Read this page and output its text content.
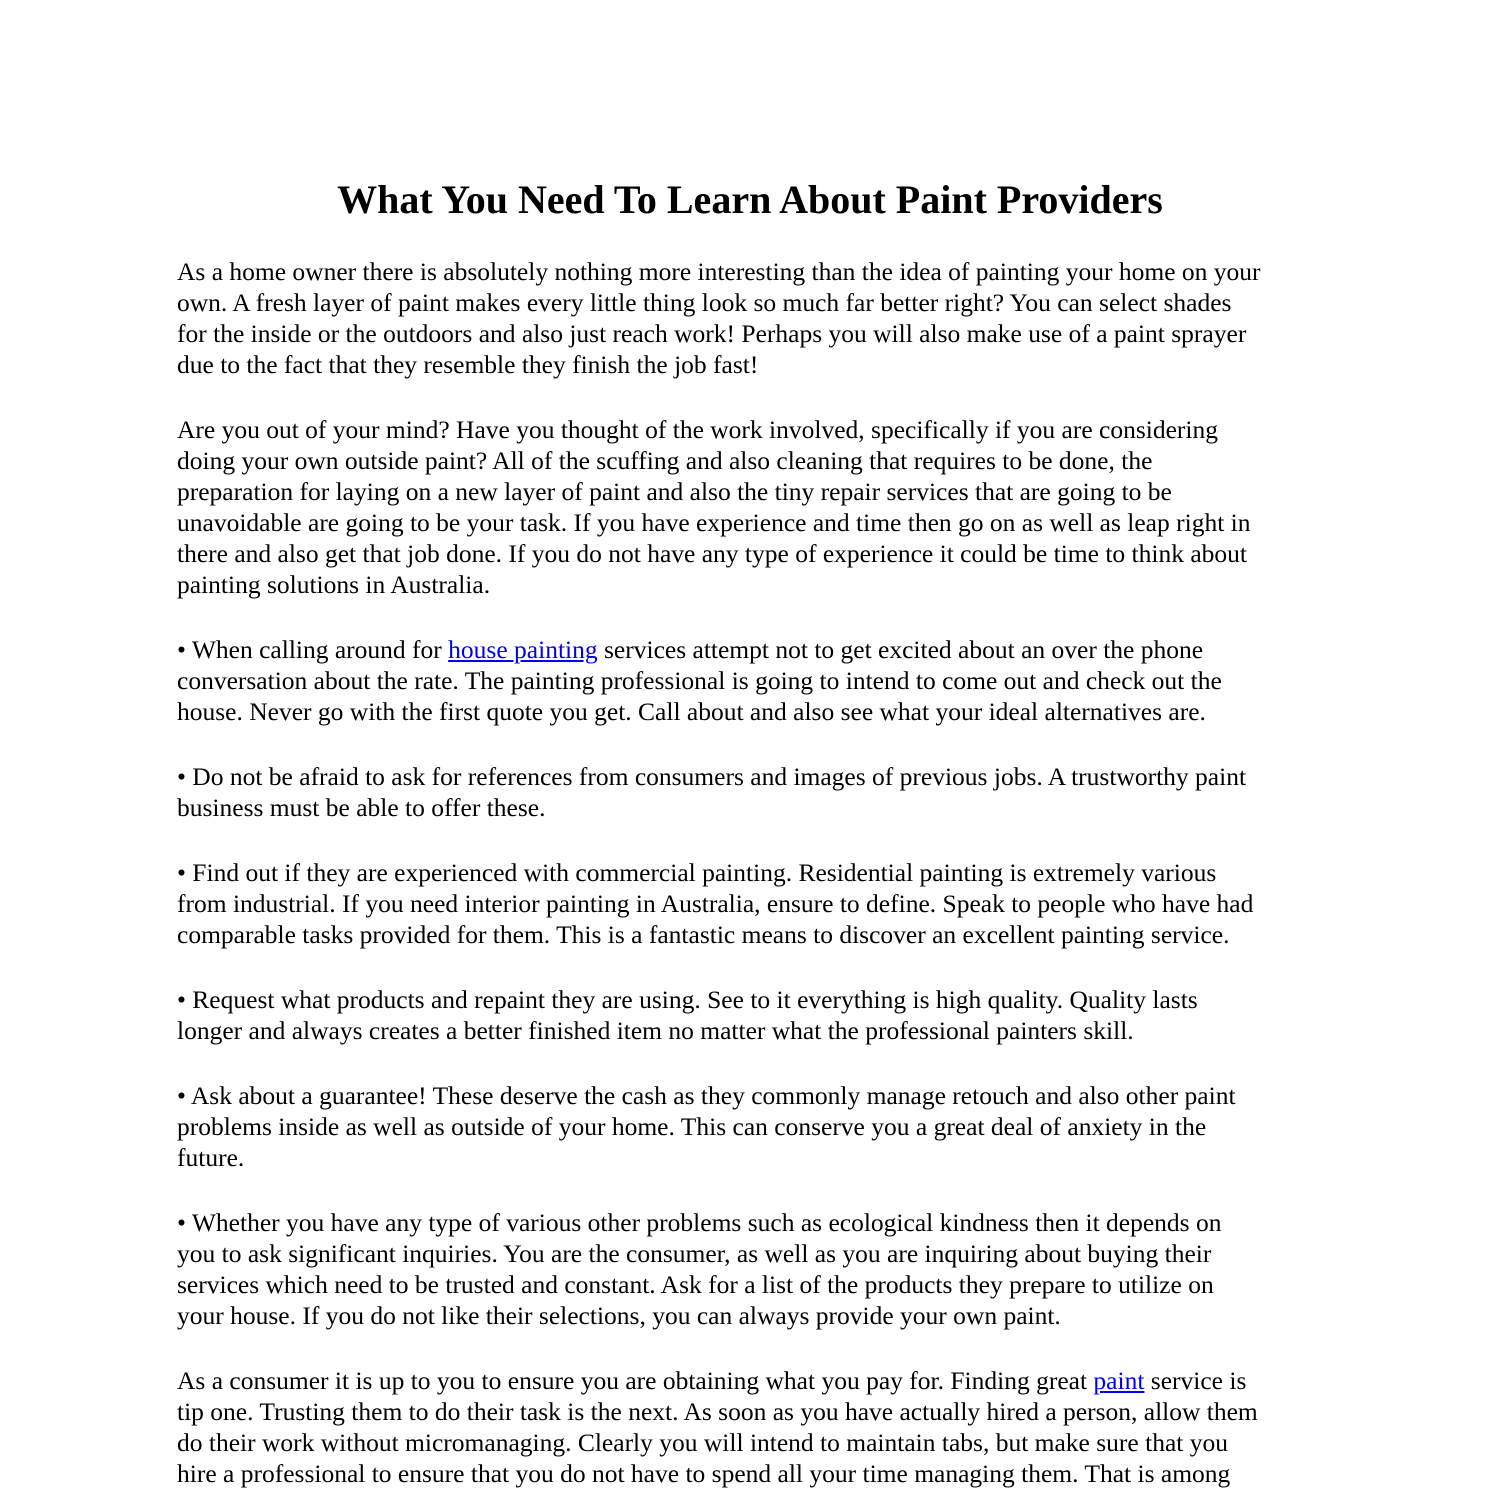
What You Need To Learn About Paint Providers

As a home owner there is absolutely nothing more interesting than the idea of painting your home on your
own. A fresh layer of paint makes every little thing look so much far better right? You can select shades
for the inside or the outdoors and also just reach work! Perhaps you will also make use of a paint sprayer
due to the fact that they resemble they finish the job fast!

Are you out of your mind? Have you thought of the work involved, specifically if you are considering
doing your own outside paint? All of the scuffing and also cleaning that requires to be done, the
preparation for laying on a new layer of paint and also the tiny repair services that are going to be
unavoidable are going to be your task. If you have experience and time then go on as well as leap right in
there and also get that job done. If you do not have any type of experience it could be time to think about
painting solutions in Australia.

• When calling around for house painting services attempt not to get excited about an over the phone
conversation about the rate. The painting professional is going to intend to come out and check out the
house. Never go with the first quote you get. Call about and also see what your ideal alternatives are.

• Do not be afraid to ask for references from consumers and images of previous jobs. A trustworthy paint
business must be able to offer these.

• Find out if they are experienced with commercial painting. Residential painting is extremely various
from industrial. If you need interior painting in Australia, ensure to define. Speak to people who have had
comparable tasks provided for them. This is a fantastic means to discover an excellent painting service.

• Request what products and repaint they are using. See to it everything is high quality. Quality lasts
longer and always creates a better finished item no matter what the professional painters skill.

• Ask about a guarantee! These deserve the cash as they commonly manage retouch and also other paint
problems inside as well as outside of your home. This can conserve you a great deal of anxiety in the
future.

• Whether you have any type of various other problems such as ecological kindness then it depends on
you to ask significant inquiries. You are the consumer, as well as you are inquiring about buying their
services which need to be trusted and constant. Ask for a list of the products they prepare to utilize on
your house. If you do not like their selections, you can always provide your own paint.

As a consumer it is up to you to ensure you are obtaining what you pay for. Finding great paint service is
tip one. Trusting them to do their task is the next. As soon as you have actually hired a person, allow them
do their work without micromanaging. Clearly you will intend to maintain tabs, but make sure that you
hire a professional to ensure that you do not have to spend all your time managing them. That is among
